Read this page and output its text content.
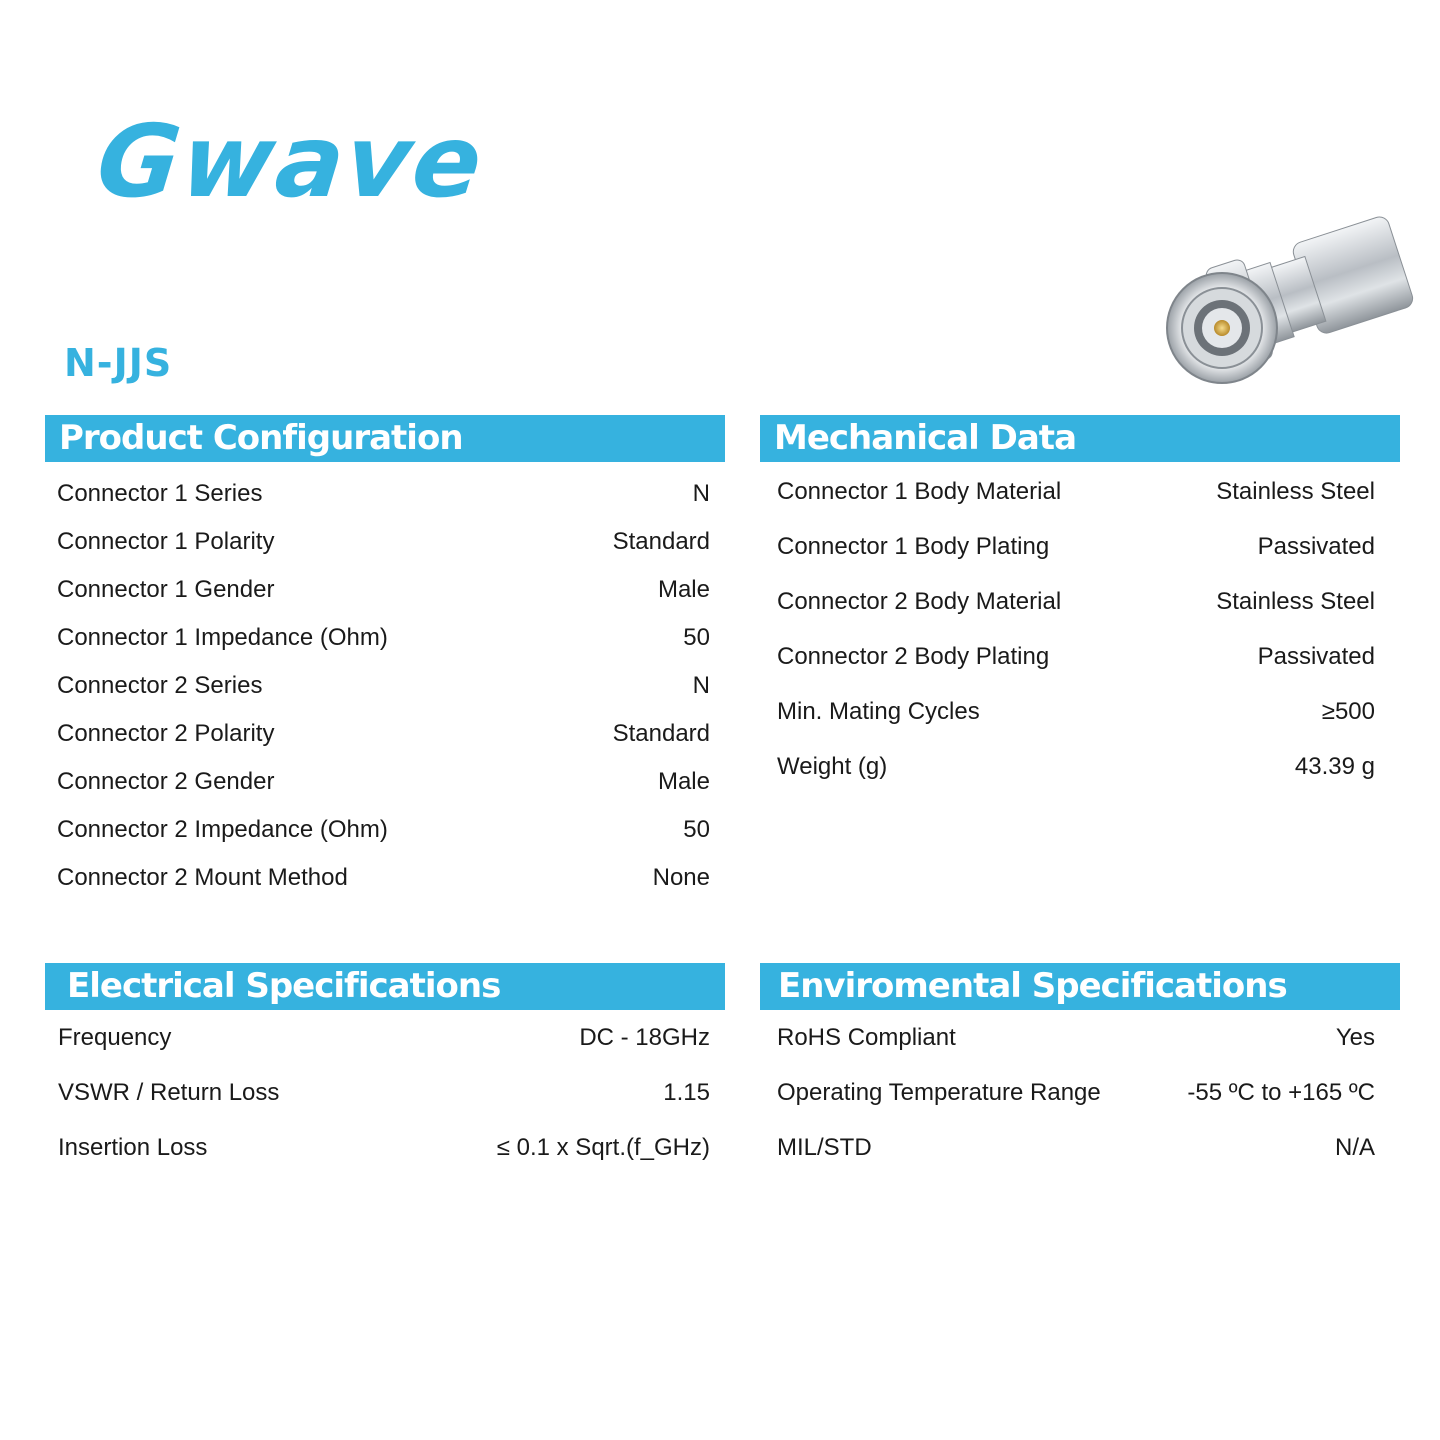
Gwave
N-JJS
Product Configuration
Connector 1 Series	N
Connector 1 Polarity	Standard
Connector 1 Gender	Male
Connector 1 Impedance (Ohm)	50
Connector 2 Series	N
Connector 2 Polarity	Standard
Connector 2 Gender	Male
Connector 2 Impedance (Ohm)	50
Connector 2 Mount Method	None
Mechanical Data
Connector 1 Body Material	Stainless Steel
Connector 1 Body Plating	Passivated
Connector 2 Body Material	Stainless Steel
Connector 2 Body Plating	Passivated
Min. Mating Cycles	≥500
Weight (g)	43.39 g
Electrical Specifications
Frequency	DC - 18GHz
VSWR / Return Loss	1.15
Insertion Loss	≤ 0.1 x Sqrt.(f_GHz)
Enviromental Specifications
RoHS Compliant	Yes
Operating Temperature Range	-55 ºC to +165 ºC
MIL/STD	N/A
